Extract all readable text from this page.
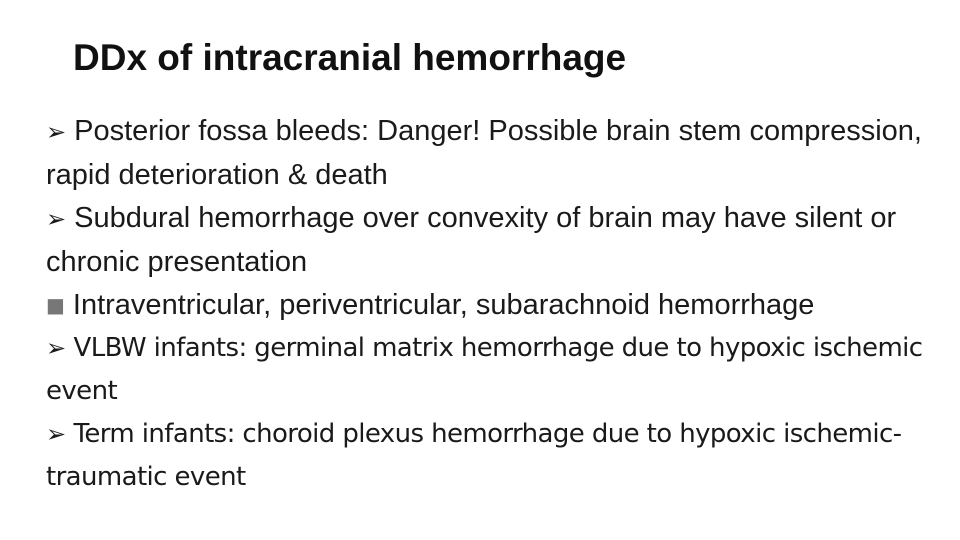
DDx of intracranial hemorrhage
➢ Posterior fossa bleeds: Danger! Possible brain stem compression, rapid deterioration & death
➢ Subdural hemorrhage over convexity of brain may have silent or chronic presentation
■ Intraventricular, periventricular, subarachnoid hemorrhage
➢ VLBW infants: germinal matrix hemorrhage due to hypoxic ischemic event
➢ Term infants: choroid plexus hemorrhage due to hypoxic ischemic-traumatic event
